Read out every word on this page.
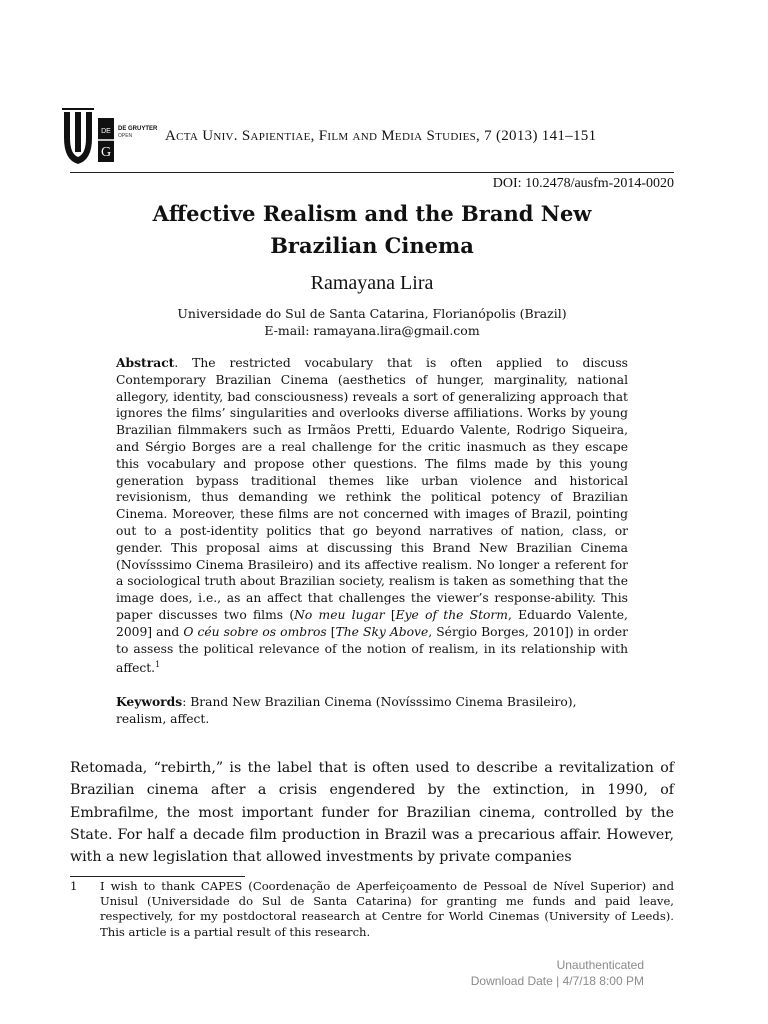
DE
G
DE GRUYTER
OPEN Acta Univ. Sapientiae, Film and Media Studies, 7 (2013) 141–151
DOI: 10.2478/ausfm-2014-0020
Affective Realism and the Brand New
Brazilian Cinema
Ramayana Lira
Universidade do Sul de Santa Catarina, Florianópolis (Brazil)
E-mail: ramayana.lira@gmail.com

Abstract. The restricted vocabulary that is often applied to discuss Contemporary Brazilian Cinema (aesthetics of hunger, marginality, national allegory, identity, bad consciousness) reveals a sort of generalizing approach that ignores the films’ singularities and overlooks diverse affiliations. Works by young Brazilian filmmakers such as Irmãos Pretti, Eduardo Valente, Rodrigo Siqueira, and Sérgio Borges are a real challenge for the critic inasmuch as they escape this vocabulary and propose other questions. The films made by this young generation bypass traditional themes like urban violence and historical revisionism, thus demanding we rethink the political potency of Brazilian Cinema. Moreover, these films are not concerned with images of Brazil, pointing out to a post-identity politics that go beyond narratives of nation, class, or gender. This proposal aims at discussing this Brand New Brazilian Cinema (Novísssimo Cinema Brasileiro) and its affective realism. No longer a referent for a sociological truth about Brazilian society, realism is taken as something that the image does, i.e., as an affect that challenges the viewer’s response-ability. This paper discusses two films (No meu lugar [Eye of the Storm, Eduardo Valente, 2009] and O céu sobre os ombros [The Sky Above, Sérgio Borges, 2010]) in order to assess the political relevance of the notion of realism, in its relationship with affect.$^1$

Keywords: Brand New Brazilian Cinema (Novísssimo Cinema Brasileiro), realism, affect.

Retomada, “rebirth,” is the label that is often used to describe a revitalization of Brazilian cinema after a crisis engendered by the extinction, in 1990, of Embrafilme, the most important funder for Brazilian cinema, controlled by the State. For half a decade film production in Brazil was a precarious affair. However, with a new legislation that allowed investments by private companies

1	I wish to thank CAPES (Coordenação de Aperfeiçoamento de Pessoal de Nível Superior) and Unisul (Universidade do Sul de Santa Catarina) for granting me funds and paid leave, respectively, for my postdoctoral reasearch at Centre for World Cinemas (University of Leeds). This article is a partial result of this research.
Unauthenticated
Download Date | 4/7/18 8:00 PM
